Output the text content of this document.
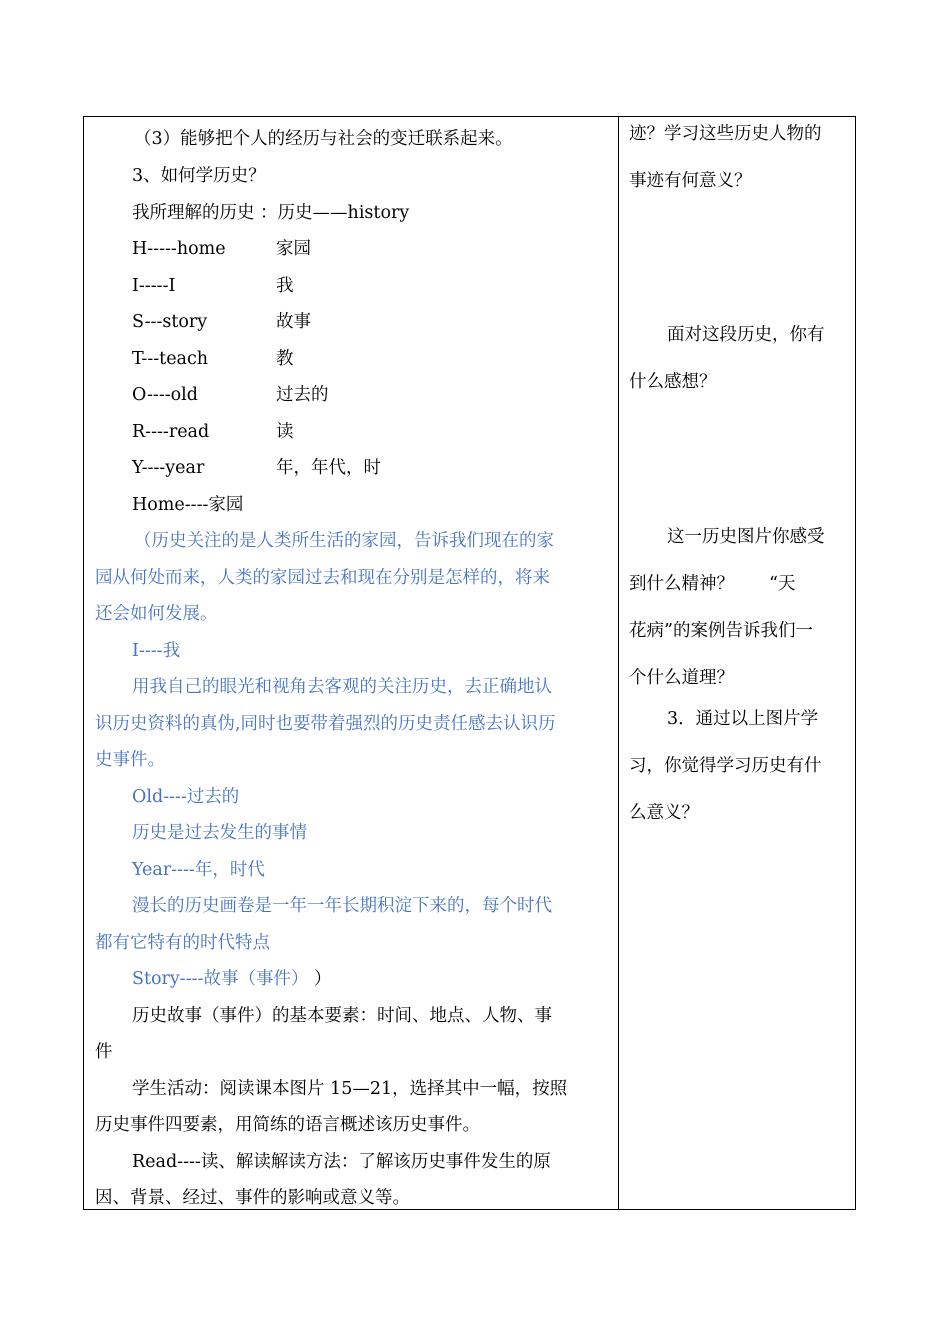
（3）能够把个人的经历与社会的变迁联系起来。
3、如何学历史？
我所理解的历史 ：历史——history
H-----home	家园
I-----I	我
S---story	故事
T---teach	教
O----old	过去的
R----read	读
Y----year	年，年代，时
Home----家园
（历史关注的是人类所生活的家园，告诉我们现在的家
园从何处而来，人类的家园过去和现在分别是怎样的，将来
还会如何发展。
I----我
用我自己的眼光和视角去客观的关注历史，去正确地认
识历史资料的真伪,同时也要带着强烈的历史责任感去认识历
史事件。
Old----过去的
历史是过去发生的事情
Year----年，时代
漫长的历史画卷是一年一年长期积淀下来的，每个时代
都有它特有的时代特点
Story----故事（事件） ）
历史故事（事件）的基本要素：时间、地点、人物、事
件
学生活动：阅读课本图片 15—21，选择其中一幅，按照
历史事件四要素，用简练的语言概述该历史事件。
Read----读、解读解读方法：了解该历史事件发生的原
因、背景、经过、事件的影响或意义等。
迹？学习这些历史人物的
事迹有何意义？
面对这段历史，你有
什么感想？
这一历史图片你感受
到什么精神？　　“天
花病”的案例告诉我们一
个什么道理？
3．通过以上图片学
习，你觉得学习历史有什
么意义？
